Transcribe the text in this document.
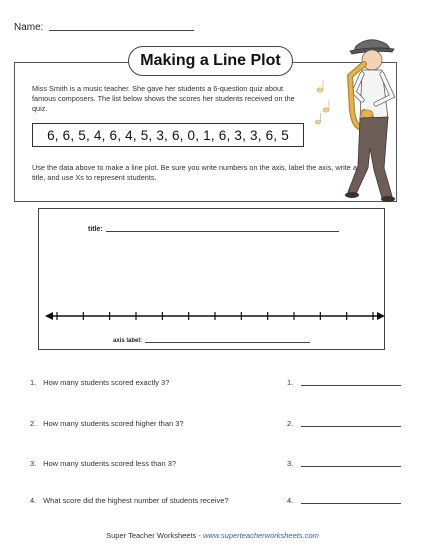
Name:
Making a Line Plot
Miss Smith is a music teacher. She gave her students a 6-question quiz about famous composers. The list below shows the scores her students received on the quiz.
6, 6, 5, 4, 6, 4, 5, 3, 6, 0, 1, 6, 3, 3, 6, 5
Use the data above to make a line plot. Be sure you write numbers on the axis, label the axis, write a title, and use Xs to represent students.
title:
axis label:
1. How many students scored exactly 3?	1.
2. How many students scored higher than 3?	2.
3. How many students scored less than 3?	3.
4. What score did the highest number of students receive?	4.
Super Teacher Worksheets - www.superteacherworksheets.com
